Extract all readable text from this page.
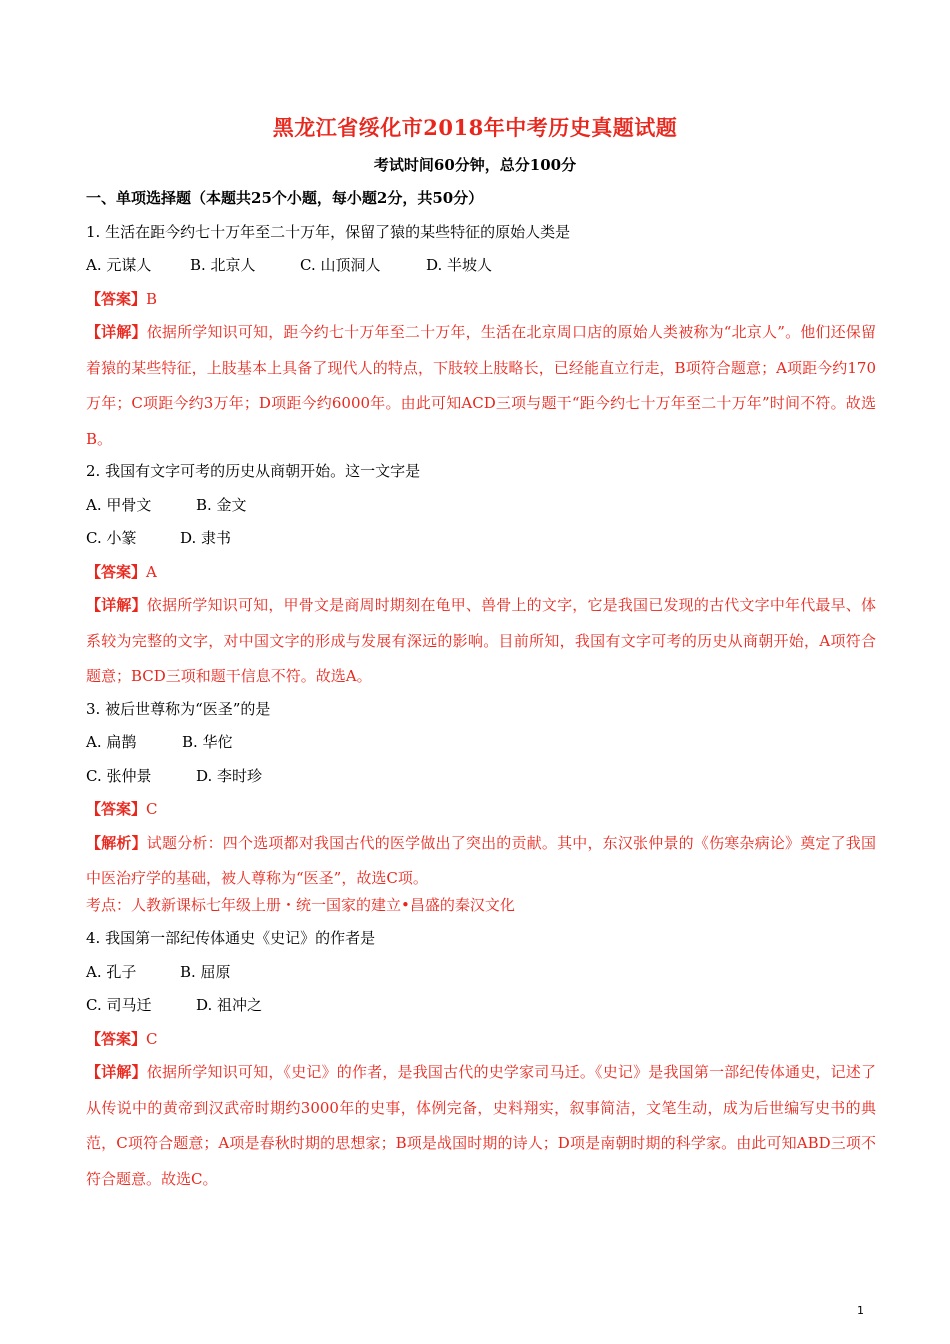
黑龙江省绥化市2018年中考历史真题试题
考试时间60分钟，总分100分
一、单项选择题（本题共25个小题，每小题2分，共50分）
1. 生活在距今约七十万年至二十万年，保留了猿的某些特征的原始人类是
A. 元谋人	B. 北京人	C. 山顶洞人	D. 半坡人
【答案】B
【详解】依据所学知识可知，距今约七十万年至二十万年，生活在北京周口店的原始人类被称为“北京人”。他们还保留着猿的某些特征，上肢基本上具备了现代人的特点，下肢较上肢略长，已经能直立行走，B项符合题意；A项距今约170万年；C项距今约3万年；D项距今约6000年。由此可知ACD三项与题干“距今约七十万年至二十万年”时间不符。故选B。
2. 我国有文字可考的历史从商朝开始。这一文字是
A. 甲骨文	B. 金文
C. 小篆	D. 隶书
【答案】A
【详解】依据所学知识可知，甲骨文是商周时期刻在龟甲、兽骨上的文字，它是我国已发现的古代文字中年代最早、体系较为完整的文字，对中国文字的形成与发展有深远的影响。目前所知，我国有文字可考的历史从商朝开始，A项符合题意；BCD三项和题干信息不符。故选A。
3. 被后世尊称为“医圣”的是
A. 扁鹊	B. 华佗
C. 张仲景	D. 李时珍
【答案】C
【解析】试题分析：四个选项都对我国古代的医学做出了突出的贡献。其中，东汉张仲景的《伤寒杂病论》奠定了我国中医治疗学的基础，被人尊称为“医圣”，故选C项。
考点：人教新课标七年级上册・统一国家的建立•昌盛的秦汉文化
4. 我国第一部纪传体通史《史记》的作者是
A. 孔子	B. 屈原
C. 司马迁	D. 祖冲之
【答案】C
【详解】依据所学知识可知，《史记》的作者，是我国古代的史学家司马迁。《史记》是我国第一部纪传体通史，记述了从传说中的黄帝到汉武帝时期约3000年的史事，体例完备，史料翔实，叙事简洁，文笔生动，成为后世编写史书的典范，C项符合题意；A项是春秋时期的思想家；B项是战国时期的诗人；D项是南朝时期的科学家。由此可知ABD三项不符合题意。故选C。
1
